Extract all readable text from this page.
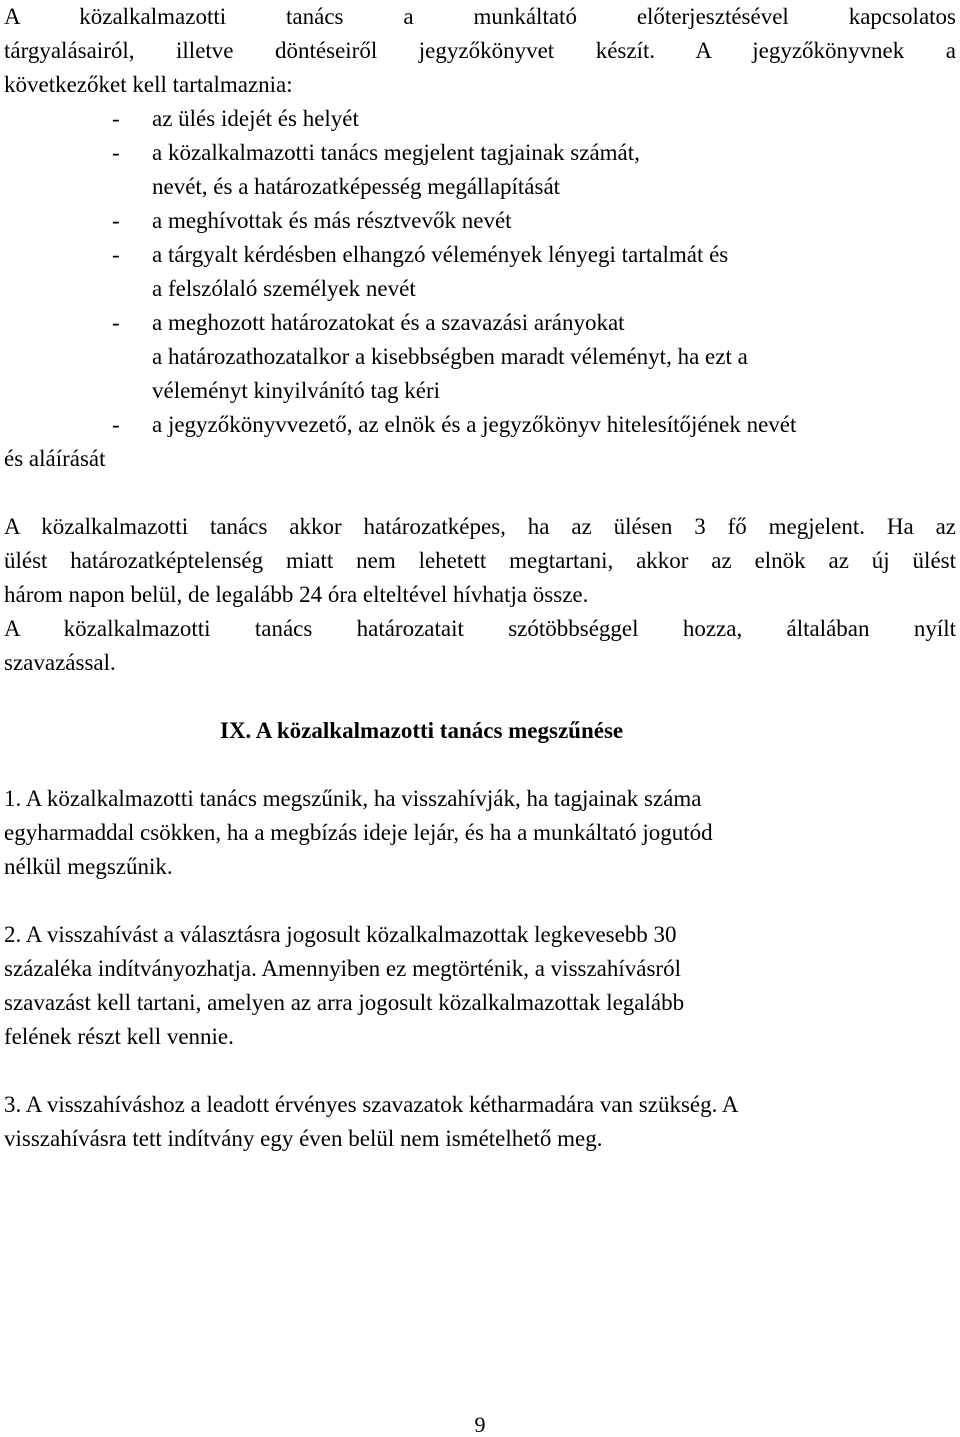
A közalkalmazotti tanács a munkáltató előterjesztésével kapcsolatos
tárgyalásairól, illetve döntéseiről jegyzőkönyvet készít. A jegyzőkönyvnek a
következőket kell tartalmaznia:
- az ülés idejét és helyét
- a közalkalmazotti tanács megjelent tagjainak számát,
nevét, és a határozatképesség megállapítását
- a meghívottak és más résztvevők nevét
- a tárgyalt kérdésben elhangzó vélemények lényegi tartalmát és
a felszólaló személyek nevét
- a meghozott határozatokat és a szavazási arányokat
a határozathozatalkor a kisebbségben maradt véleményt, ha ezt a
véleményt kinyilvánító tag kéri
- a jegyzőkönyvvezető, az elnök és a jegyzőkönyv hitelesítőjének nevét
és aláírását
A közalkalmazotti tanács akkor határozatképes, ha az ülésen 3 fő megjelent. Ha az
ülést határozatképtelenség miatt nem lehetett megtartani, akkor az elnök az új ülést
három napon belül, de legalább 24 óra elteltével hívhatja össze.
A közalkalmazotti tanács határozatait szótöbbséggel hozza, általában nyílt
szavazással.
IX. A közalkalmazotti tanács megszűnése
1. A közalkalmazotti tanács megszűnik, ha visszahívják, ha tagjainak száma
egyharmaddal csökken, ha a megbízás ideje lejár, és ha a munkáltató jogutód
nélkül megszűnik.
2. A visszahívást a választásra jogosult közalkalmazottak legkevesebb 30
százaléka indítványozhatja. Amennyiben ez megtörténik, a visszahívásról
szavazást kell tartani, amelyen az arra jogosult közalkalmazottak legalább
felének részt kell vennie.
3. A visszahíváshoz a leadott érvényes szavazatok kétharmadára van szükség. A
visszahívásra tett indítvány egy éven belül nem ismételhető meg.
9
